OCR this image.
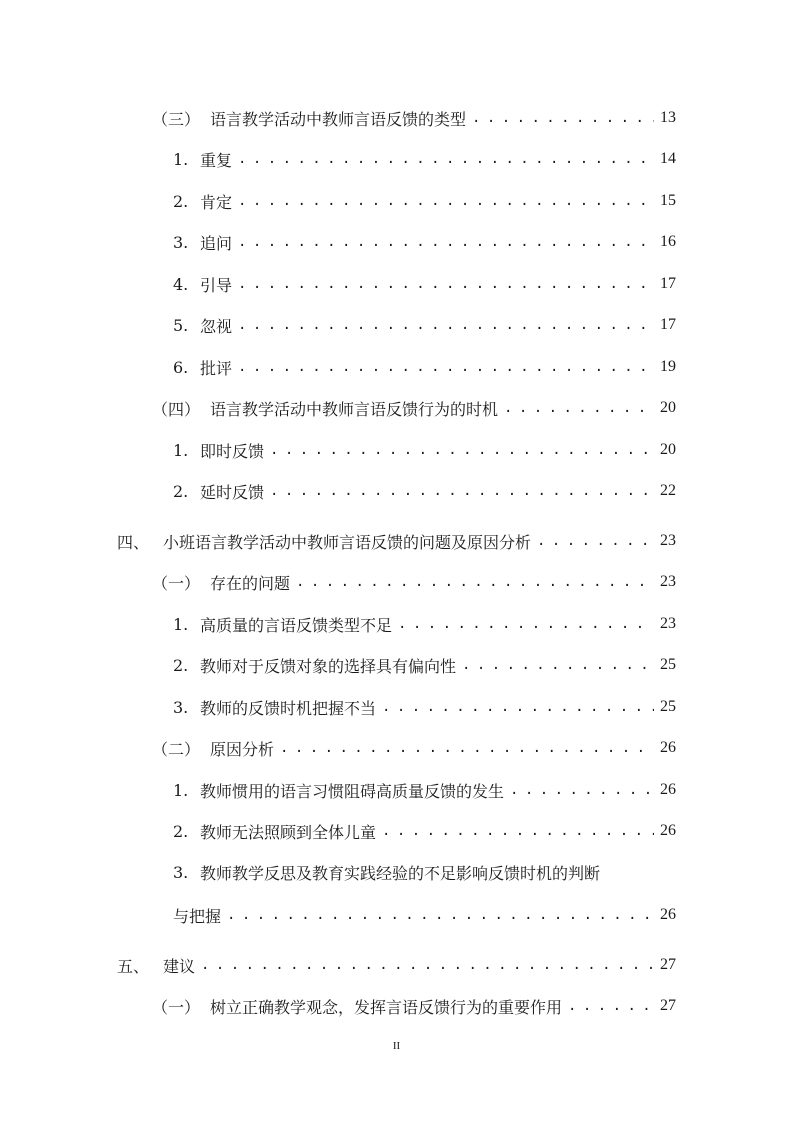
（三） 语言教学活动中教师言语反馈的类型 . . .	13
1. 重复 . . .	14
2. 肯定 . . .	15
3. 追问 . . .	16
4. 引导 . . .	17
5. 忽视 . . .	17
6. 批评 . . .	19
（四） 语言教学活动中教师言语反馈行为的时机 . . .	20
1. 即时反馈 . . .	20
2. 延时反馈 . . .	22
四、 小班语言教学活动中教师言语反馈的问题及原因分析 . . .	23
（一） 存在的问题 . . .	23
1. 高质量的言语反馈类型不足 . . .	23
2. 教师对于反馈对象的选择具有偏向性 . . .	25
3. 教师的反馈时机把握不当 . . .	25
（二） 原因分析 . . .	26
1. 教师惯用的语言习惯阻碍高质量反馈的发生 . . .	26
2. 教师无法照顾到全体儿童 . . .	26
3. 教师教学反思及教育实践经验的不足影响反馈时机的判断
与把握 . . .	26
五、 建议 . . .	27
（一） 树立正确教学观念，发挥言语反馈行为的重要作用 . . .	27
II
